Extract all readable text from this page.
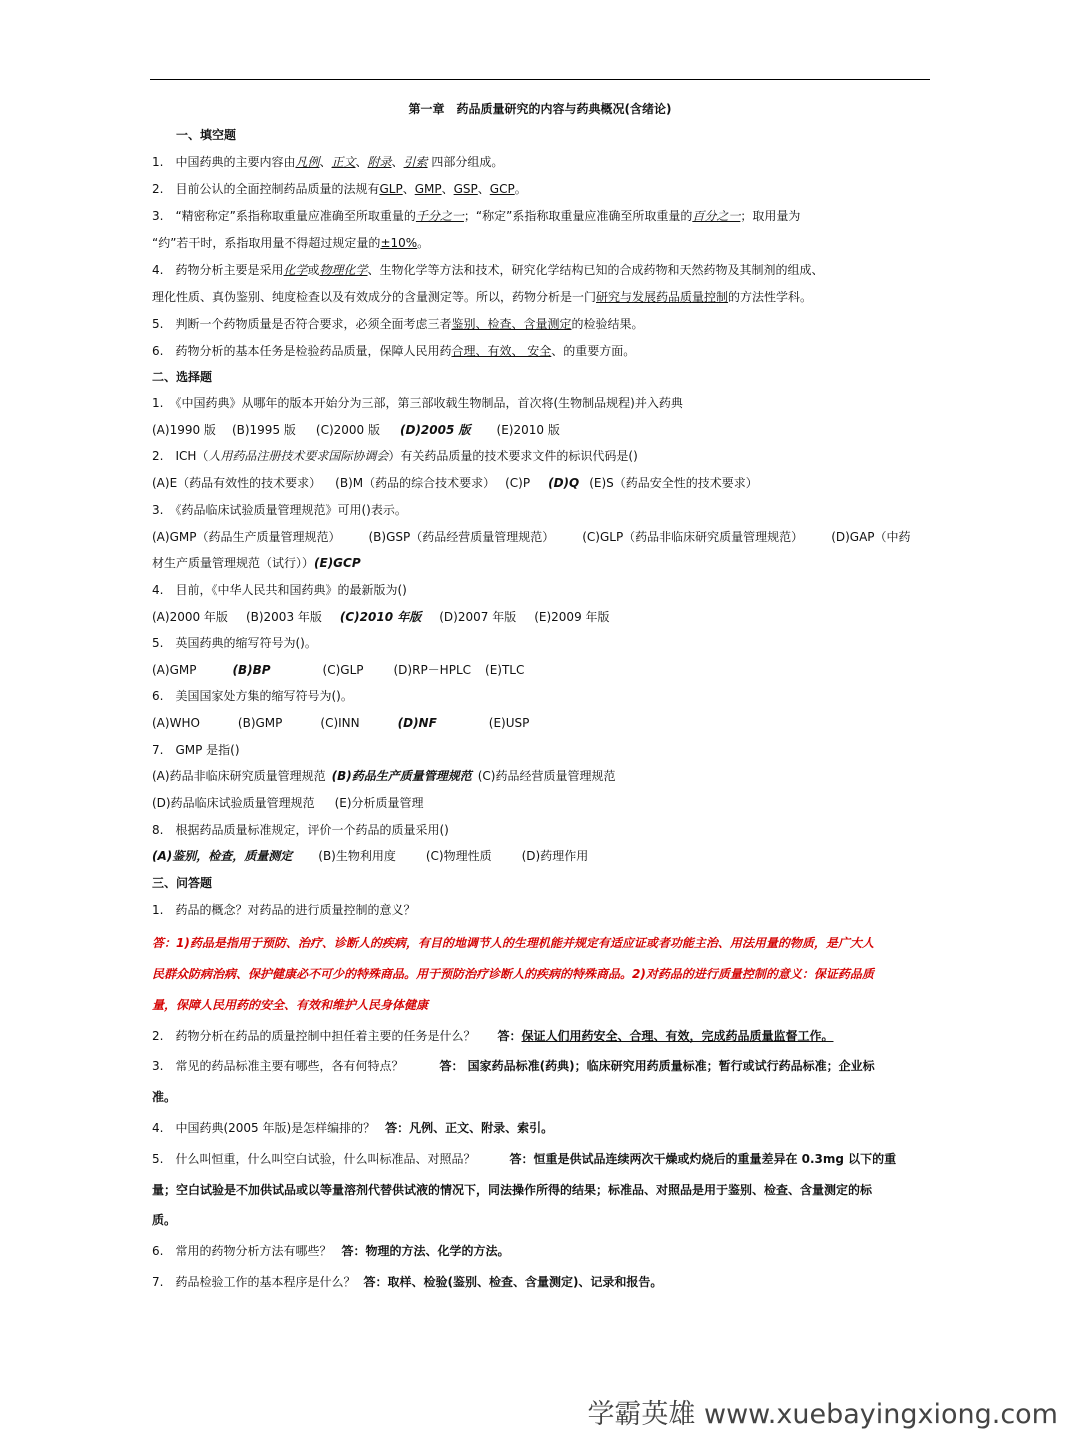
第一章　药品质量研究的内容与药典概况(含绪论)
一、填空题
1.　中国药典的主要内容由凡例、正文、附录、引索 四部分组成。
2.　目前公认的全面控制药品质量的法规有GLP、GMP、GSP、GCP。
3.　“精密称定”系指称取重量应准确至所取重量的千分之一；“称定”系指称取重量应准确至所取重量的百分之一；取用量为
“约”若干时，系指取用量不得超过规定量的±10%。
4.　药物分析主要是采用化学或物理化学、生物化学等方法和技术，研究化学结构已知的合成药物和天然药物及其制剂的组成、
理化性质、真伪鉴别、纯度检查以及有效成分的含量测定等。所以，药物分析是一门研究与发展药品质量控制的方法性学科。
5.　判断一个药物质量是否符合要求，必须全面考虑三者鉴别、检查、含量测定的检验结果。
6.　药物分析的基本任务是检验药品质量，保障人民用药合理、有效、 安全、的重要方面。
二、选择题
1.　《中国药典》从哪年的版本开始分为三部，第三部收载生物制品，首次将(生物制品规程)并入药典
(A)1990 版 (B)1995 版 (C)2000 版 (D)2005 版 (E)2010 版
2.　ICH（人用药品注册技术要求国际协调会）有关药品质量的技术要求文件的标识代码是()
(A)E（药品有效性的技术要求） (B)M（药品的综合技术要求） (C)P (D)Q (E)S（药品安全性的技术要求）
3.　《药品临床试验质量管理规范》可用()表示。
(A)GMP（药品生产质量管理规范） (B)GSP（药品经营质量管理规范） (C)GLP（药品非临床研究质量管理规范） (D)GAP（中药
材生产质量管理规范（试行））(E)GCP
4.　目前，《中华人民共和国药典》的最新版为()
(A)2000 年版 (B)2003 年版 (C)2010 年版 (D)2007 年版 (E)2009 年版
5.　英国药典的缩写符号为()。
(A)GMP	(B)BP	(C)GLP	(D)RP－HPLC (E)TLC
6.　美国国家处方集的缩写符号为()。
(A)WHO	(B)GMP	(C)INN	(D)NF	(E)USP
7.　GMP 是指()
(A)药品非临床研究质量管理规范 (B)药品生产质量管理规范 (C)药品经营质量管理规范
(D)药品临床试验质量管理规范 (E)分析质量管理
8.　根据药品质量标准规定，评价一个药品的质量采用()
(A)鉴别，检查，质量测定 (B)生物利用度	(C)物理性质	(D)药理作用
三、问答题
1.　药品的概念？对药品的进行质量控制的意义？
答：1)药品是指用于预防、治疗、诊断人的疾病，有目的地调节人的生理机能并规定有适应证或者功能主治、用法用量的物质，是广大人
民群众防病治病、保护健康必不可少的特殊商品。用于预防治疗诊断人的疾病的特殊商品。2)对药品的进行质量控制的意义：保证药品质
量，保障人民用药的安全、有效和维护人民身体健康
2.　药物分析在药品的质量控制中担任着主要的任务是什么？ 答：保证人们用药安全、合理、有效，完成药品质量监督工作。
3.　常见的药品标准主要有哪些，各有何特点？	答： 国家药品标准(药典)；临床研究用药质量标准；暂行或试行药品标准；企业标
准。
4.　中国药典(2005 年版)是怎样编排的？ 答：凡例、正文、附录、索引。
5.　什么叫恒重，什么叫空白试验，什么叫标准品、对照品？	答：恒重是供试品连续两次干燥或灼烧后的重量差异在 0.3mg 以下的重
量；空白试验是不加供试品或以等量溶剂代替供试液的情况下，同法操作所得的结果；标准品、对照品是用于鉴别、检查、含量测定的标
质。
6.　常用的药物分析方法有哪些？ 答：物理的方法、化学的方法。
7.　药品检验工作的基本程序是什么？ 答：取样、检验(鉴别、检查、含量测定)、记录和报告。
学霸英雄 www.xuebayingxiong.com
